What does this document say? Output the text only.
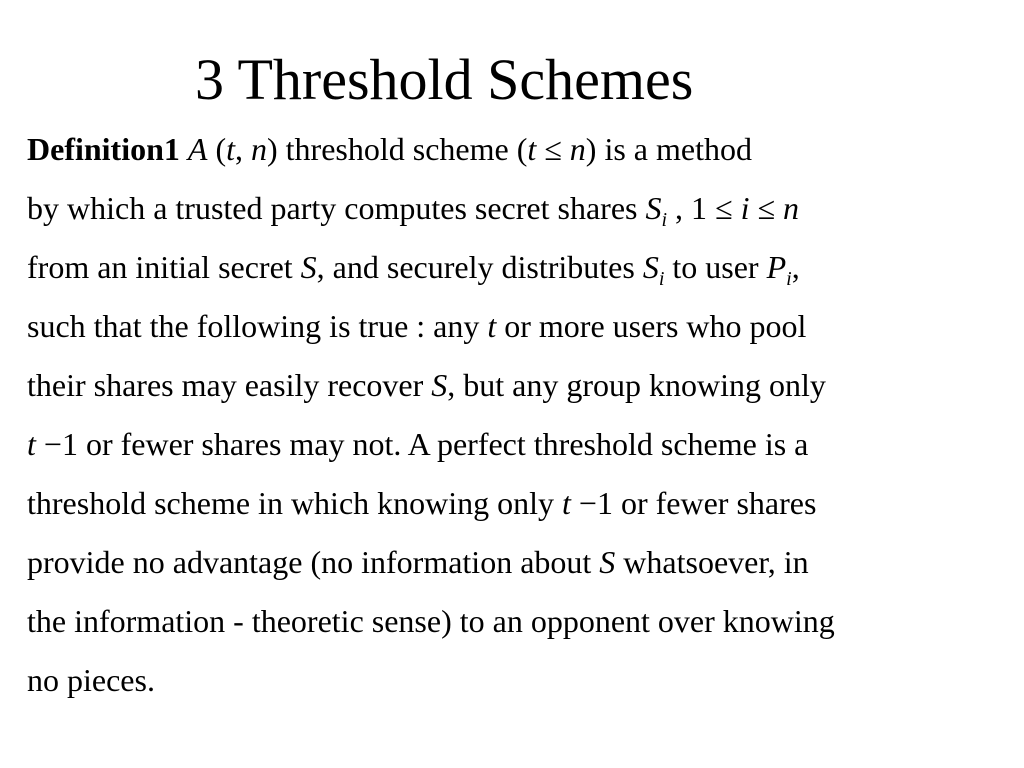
3 Threshold Schemes
Definition1 A (t, n) threshold scheme (t ≤ n) is a method
by which a trusted party computes secret shares $S_i$ , 1 ≤ i ≤ n
from an initial secret S, and securely distributes $S_i$ to user $P_i$,
such that the following is true : any t or more users who pool
their shares may easily recover S, but any group knowing only
t −1 or fewer shares may not. A perfect threshold scheme is a
threshold scheme in which knowing only t −1 or fewer shares
provide no advantage (no information about S whatsoever, in
the information - theoretic sense) to an opponent over knowing
no pieces.
